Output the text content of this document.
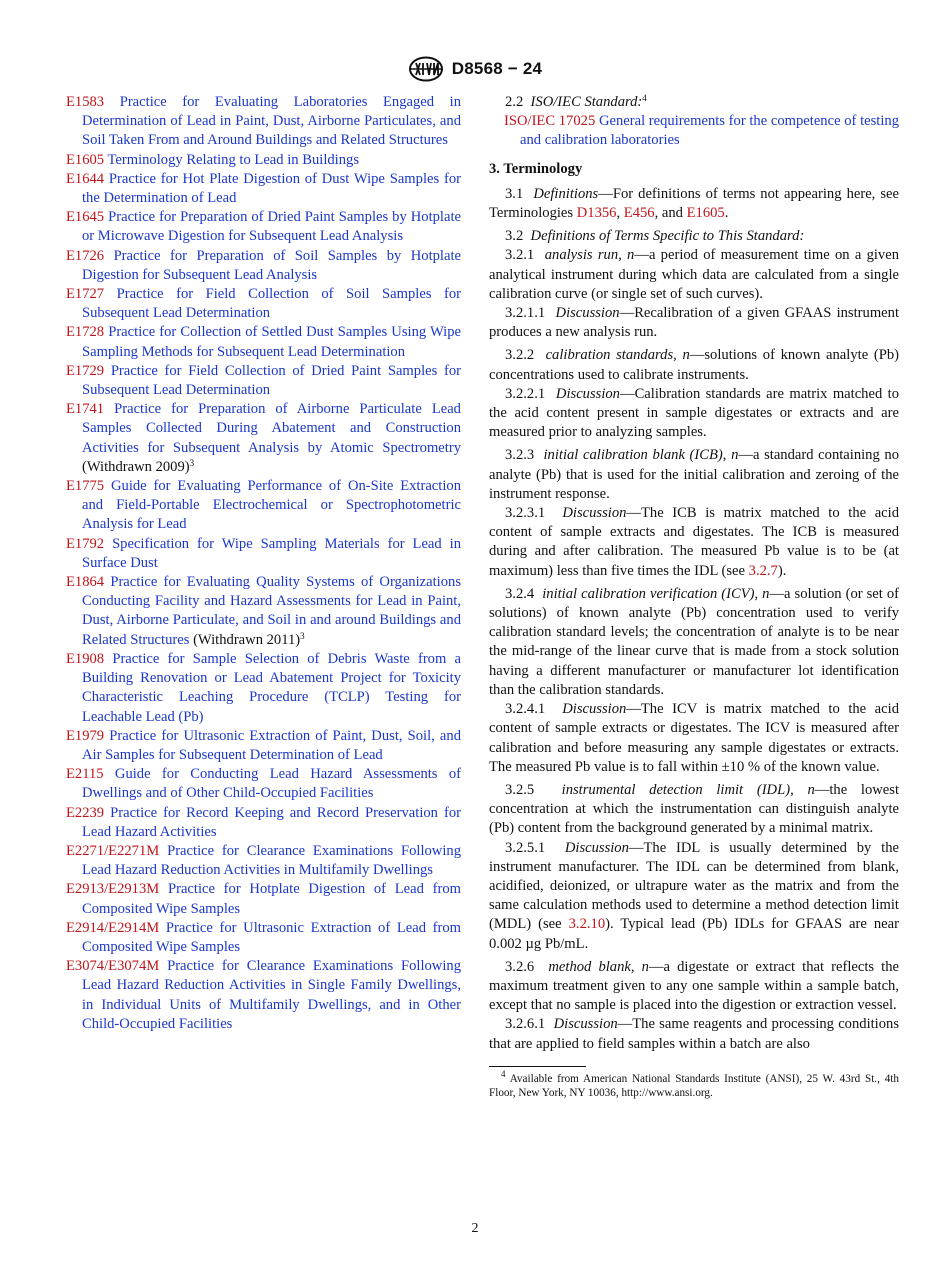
D8568 − 24
E1583 Practice for Evaluating Laboratories Engaged in Determination of Lead in Paint, Dust, Airborne Particulates, and Soil Taken From and Around Buildings and Related Structures
E1605 Terminology Relating to Lead in Buildings
E1644 Practice for Hot Plate Digestion of Dust Wipe Samples for the Determination of Lead
E1645 Practice for Preparation of Dried Paint Samples by Hotplate or Microwave Digestion for Subsequent Lead Analysis
E1726 Practice for Preparation of Soil Samples by Hotplate Digestion for Subsequent Lead Analysis
E1727 Practice for Field Collection of Soil Samples for Subsequent Lead Determination
E1728 Practice for Collection of Settled Dust Samples Using Wipe Sampling Methods for Subsequent Lead Determination
E1729 Practice for Field Collection of Dried Paint Samples for Subsequent Lead Determination
E1741 Practice for Preparation of Airborne Particulate Lead Samples Collected During Abatement and Construction Activities for Subsequent Analysis by Atomic Spectrometry (Withdrawn 2009)$^3$
E1775 Guide for Evaluating Performance of On-Site Extraction and Field-Portable Electrochemical or Spectrophotometric Analysis for Lead
E1792 Specification for Wipe Sampling Materials for Lead in Surface Dust
E1864 Practice for Evaluating Quality Systems of Organizations Conducting Facility and Hazard Assessments for Lead in Paint, Dust, Airborne Particulate, and Soil in and around Buildings and Related Structures (Withdrawn 2011)$^3$
E1908 Practice for Sample Selection of Debris Waste from a Building Renovation or Lead Abatement Project for Toxicity Characteristic Leaching Procedure (TCLP) Testing for Leachable Lead (Pb)
E1979 Practice for Ultrasonic Extraction of Paint, Dust, Soil, and Air Samples for Subsequent Determination of Lead
E2115 Guide for Conducting Lead Hazard Assessments of Dwellings and of Other Child-Occupied Facilities
E2239 Practice for Record Keeping and Record Preservation for Lead Hazard Activities
E2271/E2271M Practice for Clearance Examinations Following Lead Hazard Reduction Activities in Multifamily Dwellings
E2913/E2913M Practice for Hotplate Digestion of Lead from Composited Wipe Samples
E2914/E2914M Practice for Ultrasonic Extraction of Lead from Composited Wipe Samples
E3074/E3074M Practice for Clearance Examinations Following Lead Hazard Reduction Activities in Single Family Dwellings, in Individual Units of Multifamily Dwellings, and in Other Child-Occupied Facilities
2.2 ISO/IEC Standard:$^4$
ISO/IEC 17025 General requirements for the competence of testing and calibration laboratories
3. Terminology

3.1 Definitions—For definitions of terms not appearing here, see Terminologies D1356, E456, and E1605.

3.2 Definitions of Terms Specific to This Standard:

3.2.1 analysis run, n—a period of measurement time on a given analytical instrument during which data are calculated from a single calibration curve (or single set of such curves).

3.2.1.1 Discussion—Recalibration of a given GFAAS instrument produces a new analysis run.

3.2.2 calibration standards, n—solutions of known analyte (Pb) concentrations used to calibrate instruments.

3.2.2.1 Discussion—Calibration standards are matrix matched to the acid content present in sample digestates or extracts and are measured prior to analyzing samples.

3.2.3 initial calibration blank (ICB), n—a standard containing no analyte (Pb) that is used for the initial calibration and zeroing of the instrument response.

3.2.3.1 Discussion—The ICB is matrix matched to the acid content of sample extracts and digestates. The ICB is measured during and after calibration. The measured Pb value is to be (at maximum) less than five times the IDL (see 3.2.7).

3.2.4 initial calibration verification (ICV), n—a solution (or set of solutions) of known analyte (Pb) concentration used to verify calibration standard levels; the concentration of analyte is to be near the mid-range of the linear curve that is made from a stock solution having a different manufacturer or manufacturer lot identification than the calibration standards.

3.2.4.1 Discussion—The ICV is matrix matched to the acid content of sample extracts or digestates. The ICV is measured after calibration and before measuring any sample digestates or extracts. The measured Pb value is to fall within ±10 % of the known value.

3.2.5 instrumental detection limit (IDL), n—the lowest concentration at which the instrumentation can distinguish analyte (Pb) content from the background generated by a minimal matrix.

3.2.5.1 Discussion—The IDL is usually determined by the instrument manufacturer. The IDL can be determined from blank, acidified, deionized, or ultrapure water as the matrix and from the same calculation methods used to determine a method detection limit (MDL) (see 3.2.10). Typical lead (Pb) IDLs for GFAAS are near 0.002 µg Pb/mL.

3.2.6 method blank, n—a digestate or extract that reflects the maximum treatment given to any one sample within a sample batch, except that no sample is placed into the digestion or extraction vessel.

3.2.6.1 Discussion—The same reagents and processing conditions that are applied to field samples within a batch are also

$^4$ Available from American National Standards Institute (ANSI), 25 W. 43rd St., 4th Floor, New York, NY 10036, http://www.ansi.org.
2
